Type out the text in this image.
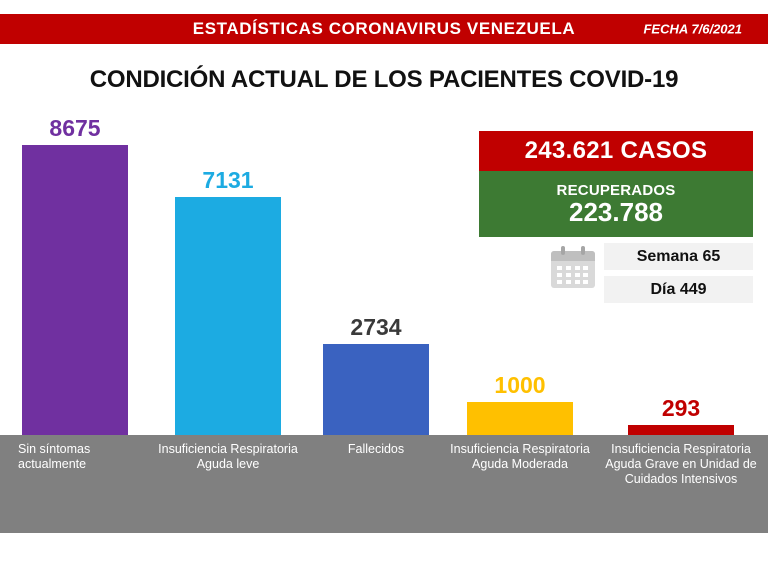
ESTADÍSTICAS CORONAVIRUS VENEZUELA	FECHA 7/6/2021
CONDICIÓN ACTUAL DE LOS PACIENTES COVID-19
8675
7131
2734
1000
293
Sin síntomas actualmente
Insuficiencia Respiratoria Aguda leve
Fallecidos	Insuficiencia Respiratoria Aguda Moderada
Insuficiencia Respiratoria Aguda Grave en Unidad de Cuidados Intensivos
243.621 CASOS
RECUPERADOS
223.788
Semana 65
Día 449
